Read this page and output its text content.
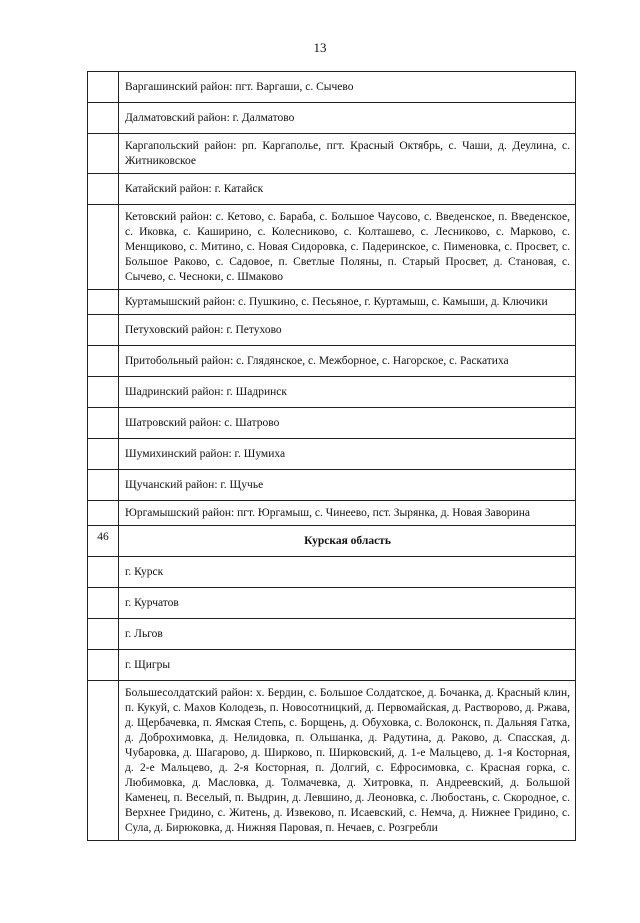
13
Варгашинский район: пгт. Варгаши, с. Сычево
Далматовский район: г. Далматово
Каргапольский район: рп. Каргаполье, пгт. Красный Октябрь, с. Чаши, д. Деулина, с. Житниковское
Катайский район: г. Катайск
Кетовский район: с. Кетово, с. Бараба, с. Большое Чаусово, с. Введенское, п. Введенское, с. Иковка, с. Каширино, с. Колесниково, с. Колташево, с. Лесниково, с. Марково, с. Менщиково, с. Митино, с. Новая Сидоровка, с. Падеринское, с. Пименовка, с. Просвет, с. Большое Раково, с. Садовое, п. Светлые Поляны, п. Старый Просвет, д. Становая, с. Сычево, с. Чесноки, с. Шмаково
Куртамышский район: с. Пушкино, с. Песьяное, г. Куртамыш, с. Камыши, д. Ключики
Петуховский район: г. Петухово
Притобольный район: с. Глядянское, с. Межборное, с. Нагорское, с. Раскатиха
Шадринский район: г. Шадринск
Шатровский район: с. Шатрово
Шумихинский район: г. Шумиха
Щучанский район: г. Щучье
Юргамышский район: пгт. Юргамыш, с. Чинеево, пст. Зырянка, д. Новая Заворина
46	Курская область
г. Курск
г. Курчатов
г. Льгов
г. Щигры
Большесолдатский район: х. Бердин, с. Большое Солдатское, д. Бочанка, д. Красный клин, п. Кукуй, с. Махов Колодезь, п. Новосотницкий, д. Первомайская, д. Растворово, д. Ржава, д. Щербачевка, п. Ямская Степь, с. Борщень, д. Обуховка, с. Волоконск, п. Дальняя Гатка, д. Доброхимовка, д. Нелидовка, п. Ольшанка, д. Радутина, д. Раково, д. Спасская, д. Чубаровка, д. Шагарово, д. Ширково, п. Ширковский, д. 1-е Мальцево, д. 1-я Косторная, д. 2-е Мальцево, д. 2-я Косторная, п. Долгий, с. Ефросимовка, с. Красная горка, с. Любимовка, д. Масловка, д. Толмачевка, д. Хитровка, п. Андреевский, д. Большой Каменец, п. Веселый, п. Выдрин, д. Левшино, д. Леоновка, с. Любостань, с. Скородное, с. Верхнее Гридино, с. Житень, д. Извеково, п. Исаевский, с. Немча, д. Нижнее Гридино, с. Сула, д. Бирюковка, д. Нижняя Паровая, п. Нечаев, с. Розгребли
